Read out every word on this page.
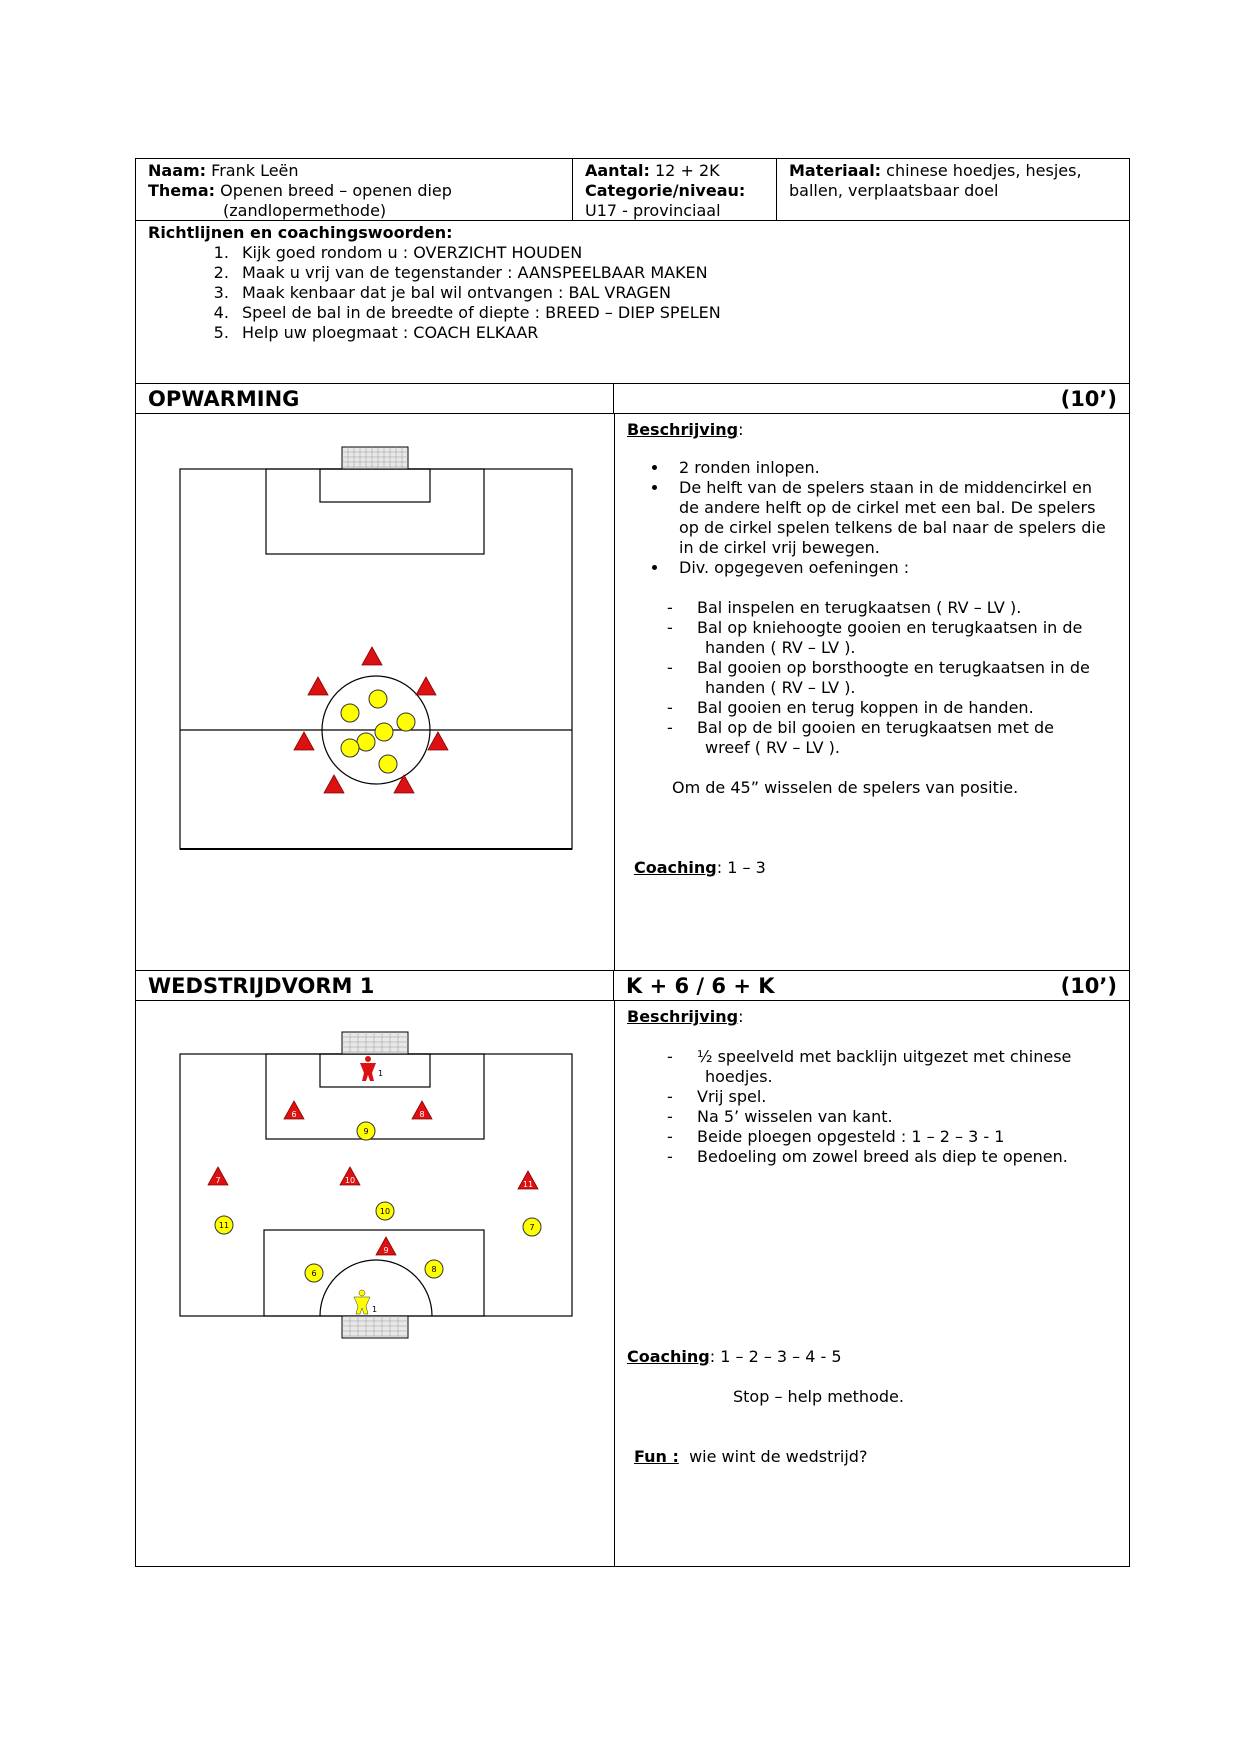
Naam: Frank Leën
Thema: Openen breed – openen diep
(zandlopermethode)
Aantal: 12 + 2K
Categorie/niveau:
U17 - provinciaal
Materiaal: chinese hoedjes, hesjes,
ballen, verplaatsbaar doel
Richtlijnen en coachingswoorden:
1. Kijk goed rondom u : OVERZICHT HOUDEN
2. Maak u vrij van de tegenstander : AANSPEELBAAR MAKEN
3. Maak kenbaar dat je bal wil ontvangen : BAL VRAGEN
4. Speel de bal in de breedte of diepte : BREED – DIEP SPELEN
5. Help uw ploegmaat : COACH ELKAAR
OPWARMING	(10’)
Beschrijving:
• 2 ronden inlopen.
• De helft van de spelers staan in de middencirkel en de andere helft op de cirkel met een bal. De spelers op de cirkel spelen telkens de bal naar de spelers die in de cirkel vrij bewegen.
• Div. opgegeven oefeningen :
- Bal inspelen en terugkaatsen ( RV – LV ).
- Bal op kniehoogte gooien en terugkaatsen in de
handen ( RV – LV ).
- Bal gooien op borsthoogte en terugkaatsen in de
handen ( RV – LV ).
- Bal gooien en terug koppen in de handen.
- Bal op de bil gooien en terugkaatsen met de
wreef ( RV – LV ).
Om de 45” wisselen de spelers van positie.
Coaching: 1 – 3
WEDSTRIJDVORM 1	K + 6 / 6 + K	(10’)
1
1
6	8
7	10	11
9
9
10
11	7
6	8
Beschrijving:
- ½ speelveld met backlijn uitgezet met chinese
hoedjes.
- Vrij spel.
- Na 5’ wisselen van kant.
- Beide ploegen opgesteld : 1 – 2 – 3 - 1
- Bedoeling om zowel breed als diep te openen.
Coaching: 1 – 2 – 3 – 4 - 5
Stop – help methode.
Fun : wie wint de wedstrijd?
